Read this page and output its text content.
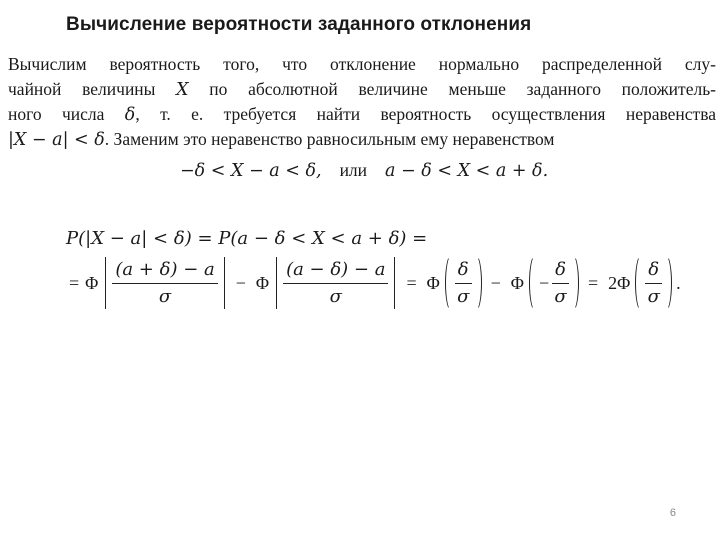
Вычисление вероятности заданного отклонения
Вычислим вероятность того, что отклонение нормально распределенной слу-
чайной величины X по абсолютной величине меньше заданного положитель-
ного числа δ, т. е. требуется найти вероятность осуществления неравенства
|X − a| < δ. Заменим это неравенство равносильным ему неравенством
−δ < X − a < δ, или a − δ < X < a + δ.
P(|X − a| < δ) = P(a − δ < X < a + δ) =
= Φ $\frac{(a + \delta) - a}{\sigma} - \Phi \frac{(a - \delta) - a}{\sigma} = \Phi \frac{\delta}{\sigma} - \Phi - \frac{\delta}{\sigma} = 2\Phi \frac{\delta}{\sigma}$ .
6
